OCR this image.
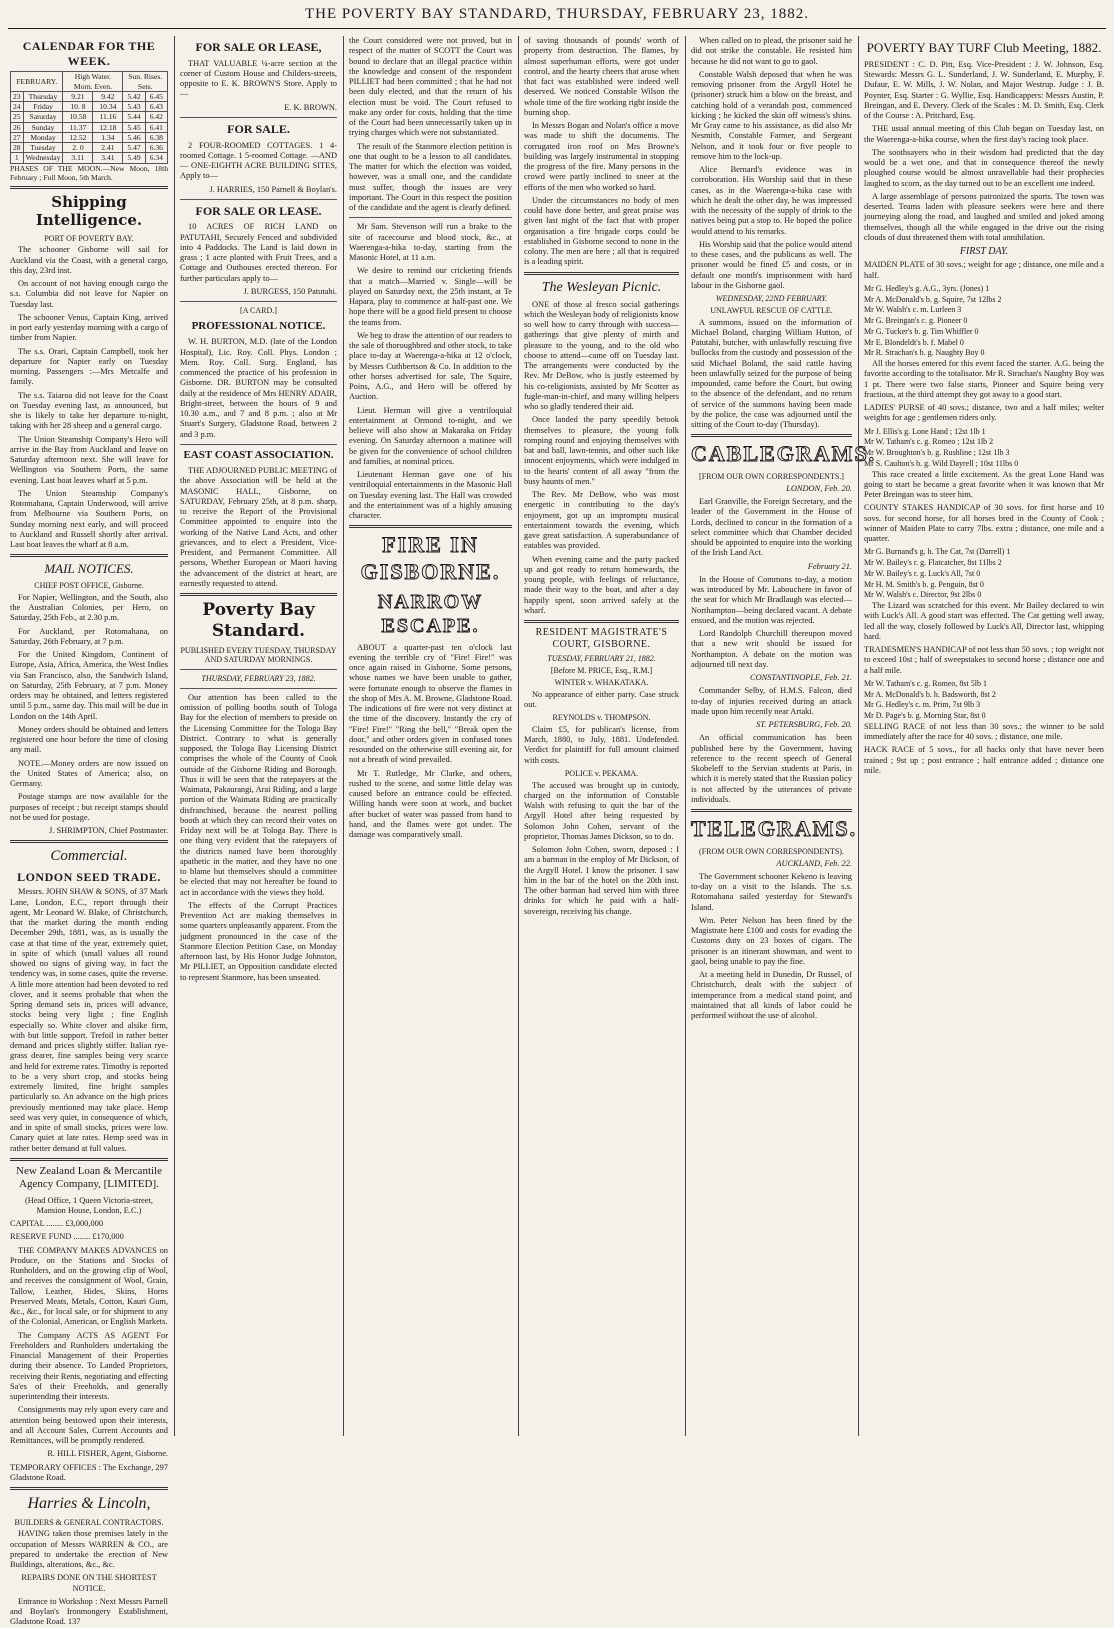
THE POVERTY BAY STANDARD, THURSDAY, FEBRUARY 23, 1882.
CALENDAR FOR THE WEEK.
FEBRUARY.		High Water. Morn. Even.		Sun. Rises. Sets.	
23	Thursday	9.21	9.42	5.42	6.45
24	Friday	10. 8	10.34	5.43	6.43
25	Saturday	10.58	11.16	5.44	6.42
26	Sunday	11.37	12.18	5.45	6.41
27	Monday	12.52	1.34	5.46	6.38
28	Tuesday	2. 0	2.41	5.47	6.36
1	Wednesday	3.11	3.41	5.49	6.34

PHASES OF THE MOON.—New Moon, 18th February ; Full Moon, 5th March.

Shipping Intelligence.
PORT OF POVERTY BAY.

The schooner Gisborne will sail for Auckland via the Coast, with a general cargo, this day, 23rd inst.

On account of not having enough cargo the s.s. Columbia did not leave for Napier on Tuesday last.

The schooner Venus, Captain King, arrived in port early yesterday morning with a cargo of timber from Napier.

The s.s. Orari, Captain Campbell, took her departure for Napier early on Tuesday morning. Passengers :—Mrs Metcalfe and family.

The s.s. Taiaroa did not leave for the Coast on Tuesday evening last, as announced, but she is likely to take her departure to-night, taking with her 28 sheep and a general cargo.

The Union Steamship Company's Hero will arrive in the Bay from Auckland and leave on Saturday afternoon next. She will leave for Wellington via Southern Ports, the same evening. Last boat leaves wharf at 5 p.m.

The Union Steamship Company's Rotomahana, Captain Underwood, will arrive from Melbourne via Southern Ports, on Sunday morning next early, and will proceed to Auckland and Russell shortly after arrival. Last boat leaves the wharf at 8 a.m.

MAIL NOTICES.
CHIEF POST OFFICE, Gisborne.

For Napier, Wellington, and the South, also the Australian Colonies, per Hero, on Saturday, 25th Feb., at 2.30 p.m.

For Auckland, per Rotomahana, on Saturday, 26th February, at 7 p.m.

For the United Kingdom, Continent of Europe, Asia, Africa, America, the West Indies via San Francisco, also, the Sandwich Island, on Saturday, 25th February, at 7 p.m. Money orders may be obtained, and letters registered until 5 p.m., same day. This mail will be due in London on the 14th April.

Money orders should be obtained and letters registered one hour before the time of closing any mail.

NOTE.—Money orders are now issued on the United States of America; also, on Germany.

Postage stamps are now available for the purposes of receipt ; but receipt stamps should not be used for postage.

J. SHRIMPTON, Chief Postmaster.

Commercial.
LONDON SEED TRADE.

Messrs. JOHN SHAW & SONS, of 37 Mark Lane, London, E.C., report through their agent, Mr Leonard W. Blake, of Christchurch, that the market during the month ending December 29th, 1881, was, as is usually the case at that time of the year, extremely quiet, in spite of which (small values all round showed no signs of giving way, in fact the tendency was, in some cases, quite the reverse. A little more attention had been devoted to red clover, and it seems probable that when the Spring demand sets in, prices will advance, stocks being very light ; fine English especially so. White clover and alsike firm, with but little support. Trefoil in rather better demand and prices slightly stiffer. Italian rye-grass dearer, fine samples being very scarce and held for extreme rates. Timothy is reported to be a very short crop, and stocks being extremely limited, fine bright samples particularly so. An advance on the high prices previously mentioned may take place. Hemp seed was very quiet, in consequence of which, and in spite of small stocks, prices were low. Canary quiet at late rates. Hemp seed was in rather better demand at full values.

New Zealand Loan & Mercantile Agency Company, [LIMITED].

(Head Office, 1 Queen Victoria-street, Mansion House, London, E.C.)

CAPITAL ........ £3,000,000

RESERVE FUND ........ £170,000

THE COMPANY MAKES ADVANCES on Produce, on the Stations and Stocks of Runholders, and on the growing clip of Wool, and receives the consignment of Wool, Grain, Tallow, Leather, Hides, Skins, Horns Preserved Meats, Metals, Cotton, Kauri Gum, &c., &c., for local sale, or for shipment to any of the Colonial, American, or English Markets.

The Company ACTS AS AGENT For Freeholders and Runholders undertaking the Financial Management of their Properties during their absence. To Landed Proprietors, receiving their Rents, negotiating and effecting Sa'es of their Freeholds, and generally superintending their interests.

Consignments may rely upon every care and attention being bestowed upon their interests, and all Account Sales, Current Accounts and Remittances, will be promptly rendered.

R. HILL FISHER, Agent, Gisborne.

TEMPORARY OFFICES : The Exchange, 297 Gladstone Road.

Harries & Lincoln,
BUILDERS & GENERAL CONTRACTORS.

HAVING taken those premises lately in the occupation of Messrs WARREN & CO., are prepared to undertake the erection of New Buildings, alterations, &c., &c.

REPAIRS DONE ON THE SHORTEST NOTICE.

Entrance to Workshop : Next Messrs Parnell and Boylan's Ironmongery Establishment, Gladstone Road. 137

FOR SALE OR LEASE,

THAT VALUABLE ¼-acre section at the corner of Custom House and Childers-streets, opposite to E. K. BROWN'S Store. Apply to—

E. K. BROWN.

FOR SALE.

2 FOUR-ROOMED COTTAGES. 1 4-roomed Cottage. 1 5-roomed Cottage. —AND— ONE-EIGHTH ACRE BUILDING SITES, Apply to—

J. HARRIES, 150 Parnell & Boylan's.

FOR SALE OR LEASE.

10 ACRES OF RICH LAND on PATUTAHI, Securely Fenced and subdivided into 4 Paddocks. The Land is laid down in grass ; 1 acre planted with Fruit Trees, and a Cottage and Outhouses erected thereon. For further particulars apply to—

J. BURGESS, 150 Patutahi.

[A CARD.]
PROFESSIONAL NOTICE.

W. H. BURTON, M.D. (late of the London Hospital), Lic. Roy. Coll. Phys. London ; Mem. Roy. Coll. Surg. England, has commenced the practice of his profession in Gisborne. DR. BURTON may be consulted daily at the residence of Mrs HENRY ADAIR, Bright-street, between the hours of 9 and 10.30 a.m., and 7 and 8 p.m. ; also at Mr Stuart's Surgery, Gladstone Road, between 2 and 3 p.m.

EAST COAST ASSOCIATION.

THE ADJOURNED PUBLIC MEETING of the above Association will be held at the MASONIC HALL, Gisborne, on SATURDAY, February 25th, at 8 p.m. sharp, to receive the Report of the Provisional Committee appointed to enquire into the working of the Native Land Acts, and other grievances, and to elect a President, Vice-President, and Permanent Committee. All persons, Whether European or Maori having the advancement of the district at heart, are earnestly requested to attend.

Poverty Bay Standard.
PUBLISHED EVERY TUESDAY, THURSDAY AND SATURDAY MORNINGS.
THURSDAY, FEBRUARY 23, 1882.

Our attention has been called to the omission of polling booths south of Tologa Bay for the election of members to preside on the Licensing Committee for the Tologa Bay District. Contrary to what is generally supposed, the Tologa Bay Licensing District comprises the whole of the County of Cook outside of the Gisborne Riding and Borough. Thus it will be seen that the ratepayers at the Waimata, Pakaurangi, Arai Riding, and a large portion of the Waimata Riding are practically disfranchised, because the nearest polling booth at which they can record their votes on Friday next will be at Tologa Bay. There is one thing very evident that the ratepayers of the districts named have been thoroughly apathetic in the matter, and they have no one to blame but themselves should a committee be elected that may not hereafter be found to act in accordance with the views they hold.

The effects of the Corrupt Practices Prevention Act are making themselves in some quarters unpleasantly apparent. From the judgment pronounced in the case of the Stanmore Election Petition Case, on Monday afternoon last, by His Honor Judge Johnston, Mr PILLIET, an Opposition candidate elected to represent Stanmore, has been unseated.

the Court considered were not proved, but in respect of the matter of SCOTT the Court was bound to declare that an illegal practice within the knowledge and consent of the respondent PILLIET had been committed ; that he had not been duly elected, and that the return of his election must be void. The Court refused to make any order for costs, holding that the time of the Court had been unnecessarily taken up in trying charges which were not substantiated.

The result of the Stanmore election petition is one that ought to be a lesson to all candidates. The matter for which the election was voided, however, was a small one, and the candidate must suffer, though the issues are very important. The Court in this respect the position of the candidate and the agent is clearly defined.

Mr Sam. Stevenson will run a brake to the site of racecourse and blood stock, &c., at Waerenga-a-hika to-day, starting from the Masonic Hotel, at 11 a.m.

We desire to remind our cricketing friends that a match—Married v. Single—will be played on Saturday next, the 25th instant, at Te Hapara, play to commence at half-past one. We hope there will be a good field present to choose the teams from.

We beg to draw the attention of our readers to the sale of thoroughbred and other stock, to take place to-day at Waerenga-a-hika at 12 o'clock, by Messrs Cuthbertson & Co. In addition to the other horses advertised for sale, The Squire, Poins, A.G., and Hero will be offered by Auction.

Lieut. Herman will give a ventriloquial entertainment at Ormond to-night, and we believe will also show at Makaraka on Friday evening. On Saturday afternoon a matinee will be given for the convenience of school children and families, at nominal prices.

Lieutenant Herman gave one of his ventriloquial entertainments in the Masonic Hall on Tuesday evening last. The Hall was crowded and the entertainment was of a highly amusing character.

FIRE IN GISBORNE.
NARROW ESCAPE.

ABOUT a quarter-past ten o'clock last evening the terrible cry of "Fire! Fire!" was once again raised in Gisborne. Some persons, whose names we have been unable to gather, were fortunate enough to observe the flames in the shop of Mrs A. M. Browne, Gladstone Road. The indications of fire were not very distinct at the time of the discovery. Instantly the cry of "Fire! Fire!" "Ring the bell," "Break open the door," and other orders given in confused tones resounded on the otherwise still evening air, for not a breath of wind prevailed.

Mr T. Rutledge, Mr Clarke, and others, rushed to the scene, and some little delay was caused before an entrance could be effected. Willing hands were soon at work, and bucket after bucket of water was passed from hand to hand, and the flames were got under. The damage was comparatively small.

of saving thousands of pounds' worth of property from destruction. The flames, by almost superhuman efforts, were got under control, and the hearty cheers that arose when that fact was established were indeed well deserved. We noticed Constable Wilson the whole time of the fire working right inside the burning shop.

In Messrs Bogan and Nolan's office a move was made to shift the documents. The corrugated iron roof on Mrs Browne's building was largely instrumental in stopping the progress of the fire. Many persons in the crowd were partly inclined to sneer at the efforts of the men who worked so hard.

Under the circumstances no body of men could have done better, and great praise was given last night of the fact that with proper organisation a fire brigade corps could be established in Gisborne second to none in the colony. The men are here ; all that is required is a leading spirit.

The Wesleyan Picnic.

ONE of those al fresco social gatherings which the Wesleyan body of religionists know so well how to carry through with success—gatherings that give plenty of mirth and pleasure to the young, and to the old who choose to attend—came off on Tuesday last. The arrangements were conducted by the Rev. Mr DeBow, who is justly esteemed by his co-religionists, assisted by Mr Scotter as fugle-man-in-chief, and many willing helpers who so gladly tendered their aid.

Once landed the party speedily betook themselves to pleasure, the young folk romping round and enjoying themselves with bat and ball, lawn-tennis, and other such like innocent enjoyments, which were indulged in to the hearts' content of all away "from the busy haunts of men."

The Rev. Mr DeBow, who was most energetic in contributing to the day's enjoyment, got up an impromptu musical entertainment towards the evening, which gave great satisfaction. A superabundance of eatables was provided.

When evening came and the party packed up and got ready to return homewards, the young people, with feelings of reluctance, made their way to the boat, and after a day happily spent, soon arrived safely at the wharf.

RESIDENT MAGISTRATE'S COURT, GISBORNE.
TUESDAY, FEBRUARY 21, 1882.
[Before M. PRICE, Esq., R.M.]
WINTER v. WHAKATAKA.

No appearance of either party. Case struck out.

REYNOLDS v. THOMPSON.

Claim £5, for publican's license, from March, 1880, to July, 1881. Undefended. Verdict for plaintiff for full amount claimed with costs.

POLICE v. PEKAMA.

The accused was brought up in custody, charged on the information of Constable Walsh with refusing to quit the bar of the Argyll Hotel after being requested by Solomon John Cohen, servant of the proprietor, Thomas James Dickson, so to do.

Solomon John Cohen, sworn, deposed : I am a barman in the employ of Mr Dickson, of the Argyll Hotel. I know the prisoner. I saw him in the bar of the hotel on the 20th inst. The other barman had served him with three drinks for which he paid with a half-sovereign, receiving his change.

When called on to plead, the prisoner said he did not strike the constable. He resisted him because he did not want to go to gaol.

Constable Walsh deposed that when he was removing prisoner from the Argyll Hotel he (prisoner) struck him a blow on the breast, and catching hold of a verandah post, commenced kicking ; he kicked the skin off witness's shins. Mr Gray came to his assistance, as did also Mr Nesmith, Constable Farmer, and Sergeant Nelson, and it took four or five people to remove him to the lock-up.

Alice Bernard's evidence was in corroboration. His Worship said that in these cases, as in the Waerenga-a-hika case with which he dealt the other day, he was impressed with the necessity of the supply of drink to the natives being put a stop to. He hoped the police would attend to his remarks.

His Worship said that the police would attend to these cases, and the publicans as well. The prisoner would be fined £5 and costs, or in default one month's imprisonment with hard labour in the Gisborne gaol.

WEDNESDAY, 22ND FEBRUARY.
UNLAWFUL RESCUE OF CATTLE.

A summons, issued on the information of Michael Boland, charging William Hutton, of Patutahi, butcher, with unlawfully rescuing five bullocks from the custody and possession of the said Michael Boland, the said cattle having been unlawfully seized for the purpose of being impounded, came before the Court, but owing to the absence of the defendant, and no return of service of the summons having been made by the police, the case was adjourned until the sitting of the Court to-day (Thursday).

CABLEGRAMS.
[FROM OUR OWN CORRESPONDENTS.]

LONDON, Feb. 20.

Earl Granville, the Foreign Secretary, and the leader of the Government in the House of Lords, declined to concur in the formation of a select committee which that Chamber decided should be appointed to enquire into the working of the Irish Land Act.

February 21.

In the House of Commons to-day, a motion was introduced by Mr. Labouchere in favor of the seat for which Mr Bradlaugh was elected—Northampton—being declared vacant. A debate ensued, and the motion was rejected.

Lord Randolph Churchill thereupon moved that a new writ should be issued for Northampton. A debate on the motion was adjourned till next day.

CONSTANTINOPLE, Feb. 21.

Commander Selby, of H.M.S. Falcon, died to-day of injuries received during an attack made upon him recently near Artaki.

ST. PETERSBURG, Feb. 20.

An official communication has been published here by the Government, having reference to the recent speech of General Skobeleff to the Servian students at Paris, in which it is merely stated that the Russian policy is not affected by the utterances of private individuals.

TELEGRAMS.
(FROM OUR OWN CORRESPONDENTS).

AUCKLAND, Feb. 22.

The Government schooner Kekeno is leaving to-day on a visit to the Islands. The s.s. Rotomahana sailed yesterday for Steward's Island.

Wm. Peter Nelson has been fined by the Magistrate here £100 and costs for evading the Customs duty on 23 boxes of cigars. The prisoner is an itinerant showman, and went to gaol, being unable to pay the fine.

At a meeting held in Dunedin, Dr Russel, of Christchurch, dealt with the subject of intemperance from a medical stand point, and maintained that all kinds of labor could be performed without the use of alcohol.

POVERTY BAY TURF Club Meeting, 1882.

PRESIDENT : C. D. Pitt, Esq. Vice-President : J. W. Johnson, Esq. Stewards: Messrs G. L. Sunderland, J. W. Sunderland, E. Murphy, F. Dufaur, E. W. Mills, J. W. Nolan, and Major Westrup. Judge : J. B. Poynter, Esq. Starter : G. Wyllie, Esq. Handicappers: Messrs Austin, P. Breingan, and E. Devery. Clerk of the Scales : M. D. Smith, Esq. Clerk of the Course : A. Pritchard, Esq.

THE usual annual meeting of this Club began on Tuesday last, on the Waerenga-a-hika course, when the first day's racing took place.

The soothsayers who in their wisdom had predicted that the day would be a wet one, and that in consequence thereof the newly ploughed course would be almost unravellable had their prophecies laughed to scorn, as the day turned out to be an excellent one indeed.

A large assemblage of persons patronized the sports. The town was deserted. Teams laden with pleasure seekers were here and there journeying along the road, and laughed and smiled and joked among themselves, though all the while engaged in the drive out the rising clouds of dust threatened them with total annihilation.

FIRST DAY.

MAIDEN PLATE of 30 sovs.; weight for age ; distance, one mile and a half.

Mr G. Hedley's g. A.G., 3yrs. (Jones) 1

Mr A. McDonald's b. g. Squire, 7st 12lbs 2

Mr W. Walsh's c. m. Lurleen 3

Mr G. Breingan's c. g. Pioneer 0

Mr G. Tucker's b. g. Tim Whiffler 0

Mr E. Blondeldt's b. f. Mabel 0

Mr R. Strachan's b. g. Naughty Boy 0

All the horses entered for this event faced the starter. A.G. being the favorite according to the totalisator. Mr R. Strachan's Naughty Boy was 1 pt. There were two false starts, Pioneer and Squire being very fractious, at the third attempt they got away to a good start.

LADIES' PURSE of 40 sovs.; distance, two and a half miles; welter weights for age ; gentlemen riders only.

Mr J. Ellis's g. Lone Hand ; 12st 1lb 1

Mr W. Tatham's c. g. Romeo ; 12st 1lb 2

Mr W. Broughton's b. g. Rushline ; 12st 1lb 3

Mr S. Caulton's b. g. Wild Dayrell ; 10st 11lbs 0

This race created a little excitement. As the great Lone Hand was going to start he became a great favorite when it was known that Mr Peter Breingan was to steer him.

COUNTY STAKES HANDICAP of 30 sovs. for first horse and 10 sovs. for second horse, for all horses bred in the County of Cook ; winner of Maiden Plate to carry 7lbs. extra ; distance, one mile and a quarter.

Mr G. Burnand's g. h. The Cat, 7st (Darrell) 1

Mr W. Bailey's r. g. Flatcatcher, 8st 11lbs 2

Mr W. Bailey's r. g. Luck's All, 7st 0

Mr H. M. Smith's b. g. Penguin, 8st 0

Mr W. Walsh's c. Director, 9st 2lbs 0

The Lizard was scratched for this event. Mr Bailey declared to win with Luck's All. A good start was effected. The Cat getting well away, led all the way, closely followed by Luck's All, Director last, whipping hard.

TRADESMEN'S HANDICAP of not less than 50 sovs. ; top weight not to exceed 10st ; half of sweepstakes to second horse ; distance one and a half mile.

Mr W. Tatham's c. g. Romeo, 8st 5lb 1

Mr A. McDonald's b. h. Badsworth, 8st 2

Mr G. Hedley's c. m. Prim, 7st 9lb 3

Mr D. Page's b. g. Morning Star, 8st 0

SELLING RACE of not less than 30 sovs.; the winner to be sold immediately after the race for 40 sovs. ; distance, one mile.

HACK RACE of 5 sovs., for all hacks only that have never been trained ; 9st up ; post entrance ; half entrance added ; distance one mile.
